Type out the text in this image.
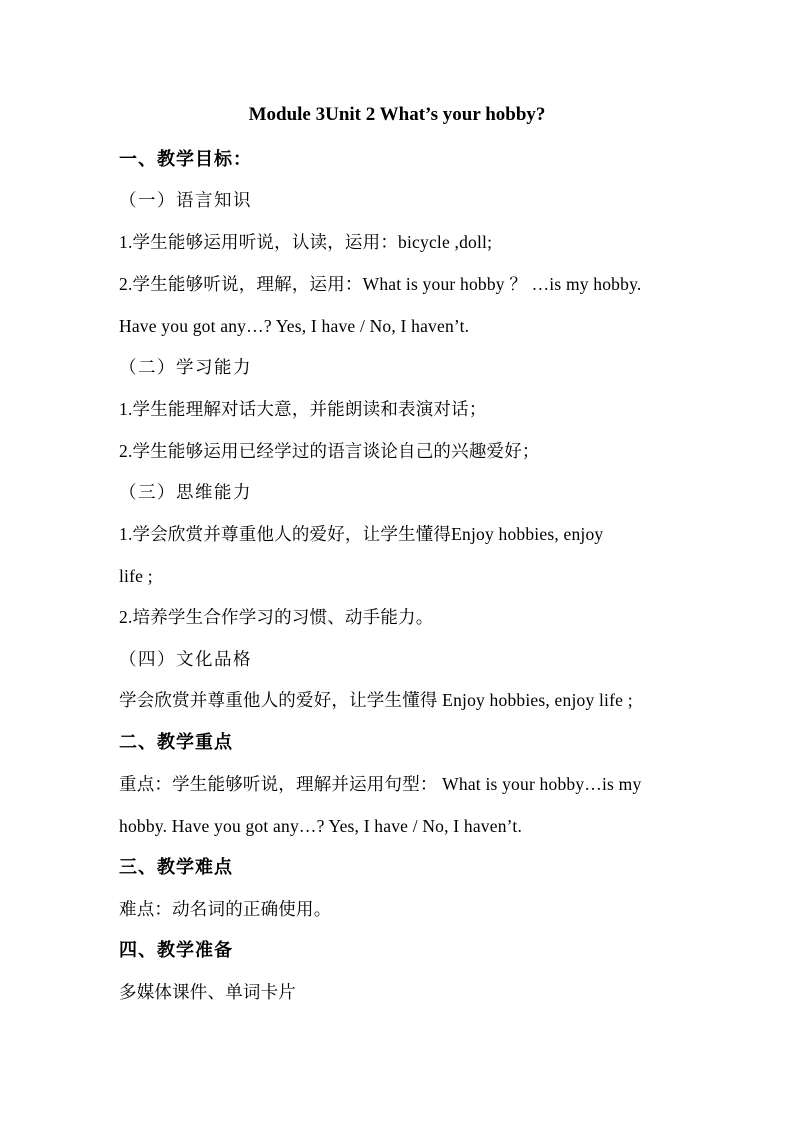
Module 3Unit 2 What’s your hobby?
一、教学目标：
（一）语言知识
1.学生能够运用听说，认读，运用：bicycle ,doll;
2.学生能够听说，理解，运用：What is your hobby ？ …is my hobby.
Have you got any…? Yes, I have / No, I haven’t.
（二）学习能力
1.学生能理解对话大意，并能朗读和表演对话；
2.学生能够运用已经学过的语言谈论自己的兴趣爱好；
（三）思维能力
1.学会欣赏并尊重他人的爱好，让学生懂得Enjoy hobbies, enjoy
life ;
2.培养学生合作学习的习惯、动手能力。
（四）文化品格
学会欣赏并尊重他人的爱好，让学生懂得 Enjoy hobbies, enjoy life ;
二、教学重点
重点：学生能够听说，理解并运用句型： What is your hobby…is my
hobby. Have you got any…? Yes, I have / No, I haven’t.
三、教学难点
难点：动名词的正确使用。
四、教学准备
多媒体课件、单词卡片
